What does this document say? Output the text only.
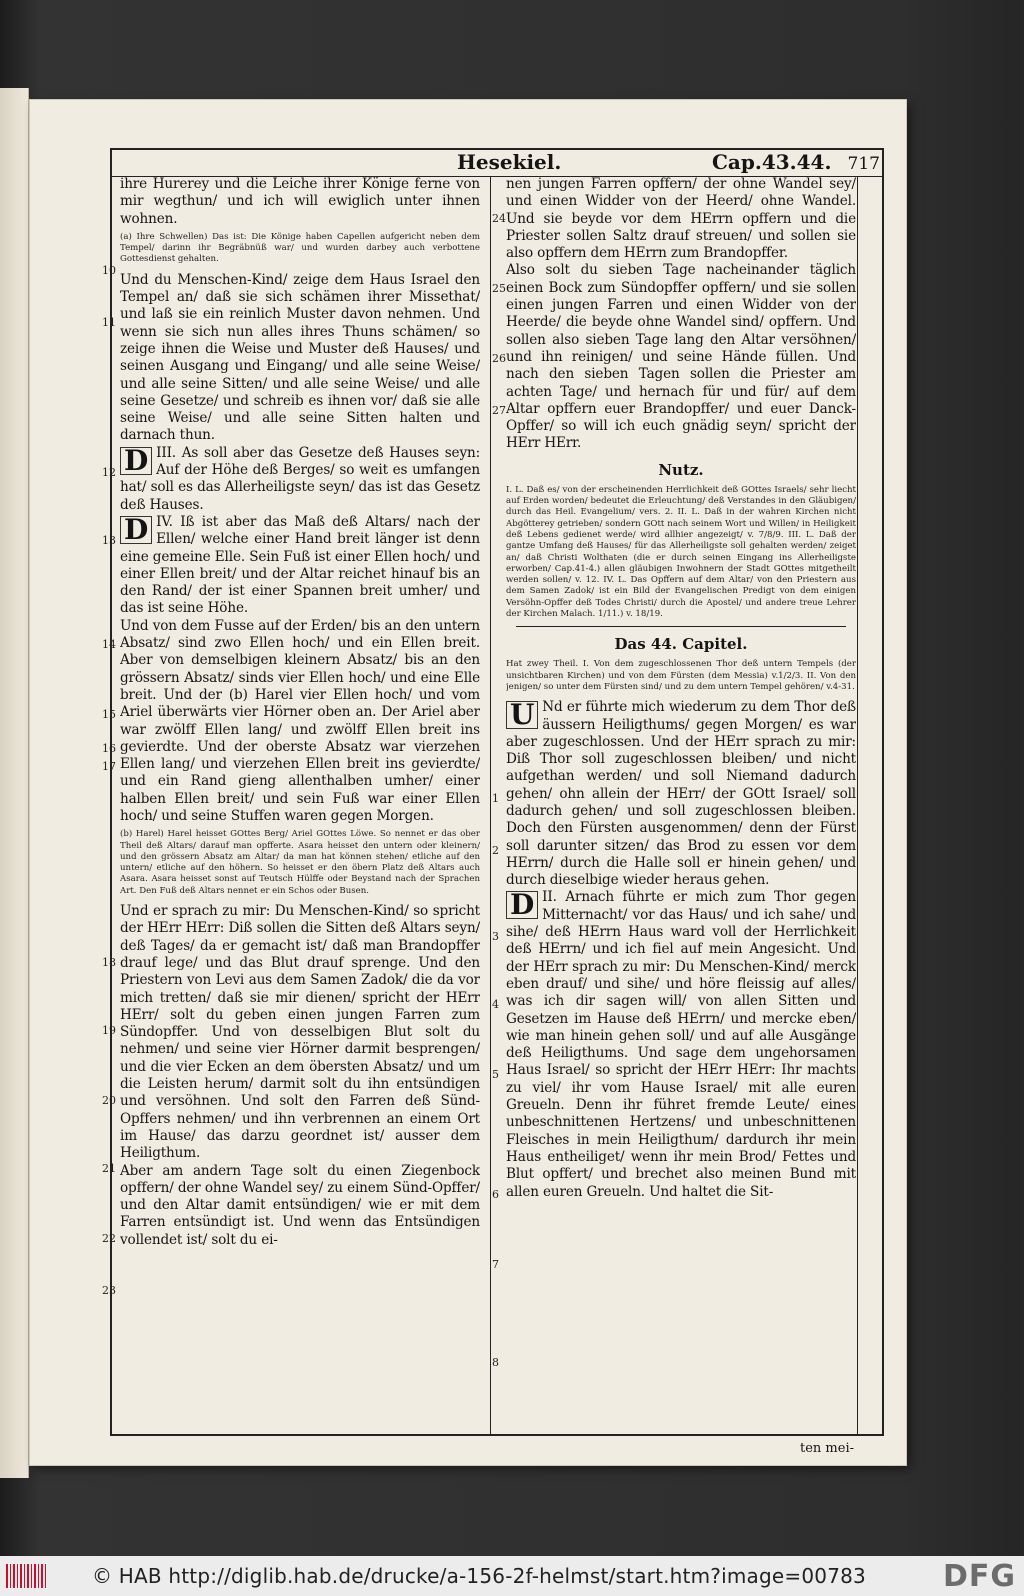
Hesekiel.	Cap.43.44. 717
10
11
12
13
14
15
16
17
18
19
20
21
22
23
24
25
26
27
1
2
3
4
5
6
7
8

ihre Hurerey und die Leiche ihrer Könige ferne von mir wegthun/ und ich will ewiglich unter ihnen wohnen.

(a) Ihre Schwellen) Das ist: Die Könige haben Capellen aufgericht neben dem Tempel/ darinn ihr Begräbnüß war/ und wurden darbey auch verbottene Gottesdienst gehalten.

Und du Menschen-Kind/ zeige dem Haus Israel den Tempel an/ daß sie sich schämen ihrer Missethat/ und laß sie ein reinlich Muster davon nehmen. Und wenn sie sich nun alles ihres Thuns schämen/ so zeige ihnen die Weise und Muster deß Hauses/ und seinen Ausgang und Eingang/ und alle seine Weise/ und alle seine Sitten/ und alle seine Weise/ und alle seine Gesetze/ und schreib es ihnen vor/ daß sie alle seine Weise/ und alle seine Sitten halten und darnach thun.

III.
D As soll aber das Gesetze deß Hauses seyn: Auf der Höhe deß Berges/ so weit es umfangen hat/ soll es das Allerheiligste seyn/ das ist das Gesetz deß Hauses.

IV.
D Iß ist aber das Maß deß Altars/ nach der Ellen/ welche einer Hand breit länger ist denn eine gemeine Elle. Sein Fuß ist einer Ellen hoch/ und einer Ellen breit/ und der Altar reichet hinauf bis an den Rand/ der ist einer Spannen breit umher/ und das ist seine Höhe.

Und von dem Fusse auf der Erden/ bis an den untern Absatz/ sind zwo Ellen hoch/ und ein Ellen breit. Aber von demselbigen kleinern Absatz/ bis an den grössern Absatz/ sinds vier Ellen hoch/ und eine Elle breit. Und der (b) Harel vier Ellen hoch/ und vom Ariel überwärts vier Hörner oben an. Der Ariel aber war zwölff Ellen lang/ und zwölff Ellen breit ins gevierdte. Und der oberste Absatz war vierzehen Ellen lang/ und vierzehen Ellen breit ins gevierdte/ und ein Rand gieng allenthalben umher/ einer halben Ellen breit/ und sein Fuß war einer Ellen hoch/ und seine Stuffen waren gegen Morgen.

(b) Harel) Harel heisset GOttes Berg/ Ariel GOttes Löwe. So nennet er das ober Theil deß Altars/ darauf man opfferte. Asara heisset den untern oder kleinern/ und den grössern Absatz am Altar/ da man hat können stehen/ etliche auf den untern/ etliche auf den höhern. So heisset er den öbern Platz deß Altars auch Asara. Asara heisset sonst auf Teutsch Hülffe oder Beystand nach der Sprachen Art. Den Fuß deß Altars nennet er ein Schos oder Busen.

Und er sprach zu mir: Du Menschen-Kind/ so spricht der HErr HErr: Diß sollen die Sitten deß Altars seyn/ deß Tages/ da er gemacht ist/ daß man Brandopffer drauf lege/ und das Blut drauf sprenge. Und den Priestern von Levi aus dem Samen Zadok/ die da vor mich tretten/ daß sie mir dienen/ spricht der HErr HErr/ solt du geben einen jungen Farren zum Sündopffer. Und von desselbigen Blut solt du nehmen/ und seine vier Hörner darmit besprengen/ und die vier Ecken an dem öbersten Absatz/ und um die Leisten herum/ darmit solt du ihn entsündigen und versöhnen. Und solt den Farren deß Sünd-Opffers nehmen/ und ihn verbrennen an einem Ort im Hause/ das darzu geordnet ist/ ausser dem Heiligthum.

Aber am andern Tage solt du einen Ziegenbock opffern/ der ohne Wandel sey/ zu einem Sünd-Opffer/ und den Altar damit entsündigen/ wie er mit dem Farren entsündigt ist. Und wenn das Entsündigen vollendet ist/ solt du ei-

nen jungen Farren opffern/ der ohne Wandel sey/ und einen Widder von der Heerd/ ohne Wandel. Und sie beyde vor dem HErrn opffern und die Priester sollen Saltz drauf streuen/ und sollen sie also opffern dem HErrn zum Brandopffer.

Also solt du sieben Tage nacheinander täglich einen Bock zum Sündopffer opffern/ und sie sollen einen jungen Farren und einen Widder von der Heerde/ die beyde ohne Wandel sind/ opffern. Und sollen also sieben Tage lang den Altar versöhnen/ und ihn reinigen/ und seine Hände füllen. Und nach den sieben Tagen sollen die Priester am achten Tage/ und hernach für und für/ auf dem Altar opffern euer Brandopffer/ und euer Danck-Opffer/ so will ich euch gnädig seyn/ spricht der HErr HErr.

Nutz.

I. L. Daß es/ von der erscheinenden Herrlichkeit deß GOttes Israels/ sehr liecht auf Erden worden/ bedeutet die Erleuchtung/ deß Verstandes in den Gläubigen/ durch das Heil. Evangelium/ vers. 2. II. L. Daß in der wahren Kirchen nicht Abgötterey getrieben/ sondern GOtt nach seinem Wort und Willen/ in Heiligkeit deß Lebens gedienet werde/ wird allhier angezeigt/ v. 7/8/9. III. L. Daß der gantze Umfang deß Hauses/ für das Allerheiligste soll gehalten werden/ zeiget an/ daß Christi Wolthaten (die er durch seinen Eingang ins Allerheiligste erworben/ Cap.41-4.) allen gläubigen Inwohnern der Stadt GOttes mitgetheilt werden sollen/ v. 12. IV. L. Das Opffern auf dem Altar/ von den Priestern aus dem Samen Zadok/ ist ein Bild der Evangelischen Predigt von dem einigen Versöhn-Opffer deß Todes Christi/ durch die Apostel/ und andere treue Lehrer der Kirchen Malach. 1/11.) v. 18/19.

Das 44. Capitel.

Hat zwey Theil. I. Von dem zugeschlossenen Thor deß untern Tempels (der unsichtbaren Kirchen) und von dem Fürsten (dem Messia) v.1/2/3. II. Von den jenigen/ so unter dem Fürsten sind/ und zu dem untern Tempel gehören/ v.4-31.

U Nd er führte mich wiederum zu dem Thor deß äussern Heiligthums/ gegen Morgen/ es war aber zugeschlossen. Und der HErr sprach zu mir: Diß Thor soll zugeschlossen bleiben/ und nicht aufgethan werden/ und soll Niemand dadurch gehen/ ohn allein der HErr/ der GOtt Israel/ soll dadurch gehen/ und soll zugeschlossen bleiben. Doch den Fürsten ausgenommen/ denn der Fürst soll darunter sitzen/ das Brod zu essen vor dem HErrn/ durch die Halle soll er hinein gehen/ und durch dieselbige wieder heraus gehen.

II.
D Arnach führte er mich zum Thor gegen Mitternacht/ vor das Haus/ und ich sahe/ und sihe/ deß HErrn Haus ward voll der Herrlichkeit deß HErrn/ und ich fiel auf mein Angesicht. Und der HErr sprach zu mir: Du Menschen-Kind/ merck eben drauf/ und sihe/ und höre fleissig auf alles/ was ich dir sagen will/ von allen Sitten und Gesetzen im Hause deß HErrn/ und mercke eben/ wie man hinein gehen soll/ und auf alle Ausgänge deß Heiligthums. Und sage dem ungehorsamen Haus Israel/ so spricht der HErr HErr: Ihr machts zu viel/ ihr vom Hause Israel/ mit alle euren Greueln. Denn ihr führet fremde Leute/ eines unbeschnittenen Hertzens/ und unbeschnittenen Fleisches in mein Heiligthum/ dardurch ihr mein Haus entheiliget/ wenn ihr mein Brod/ Fettes und Blut opffert/ und brechet also meinen Bund mit allen euren Greueln. Und haltet die Sit-

ten mei-
© HAB http://diglib.hab.de/drucke/a-156-2f-helmst/start.htm?image=00783	DFG
